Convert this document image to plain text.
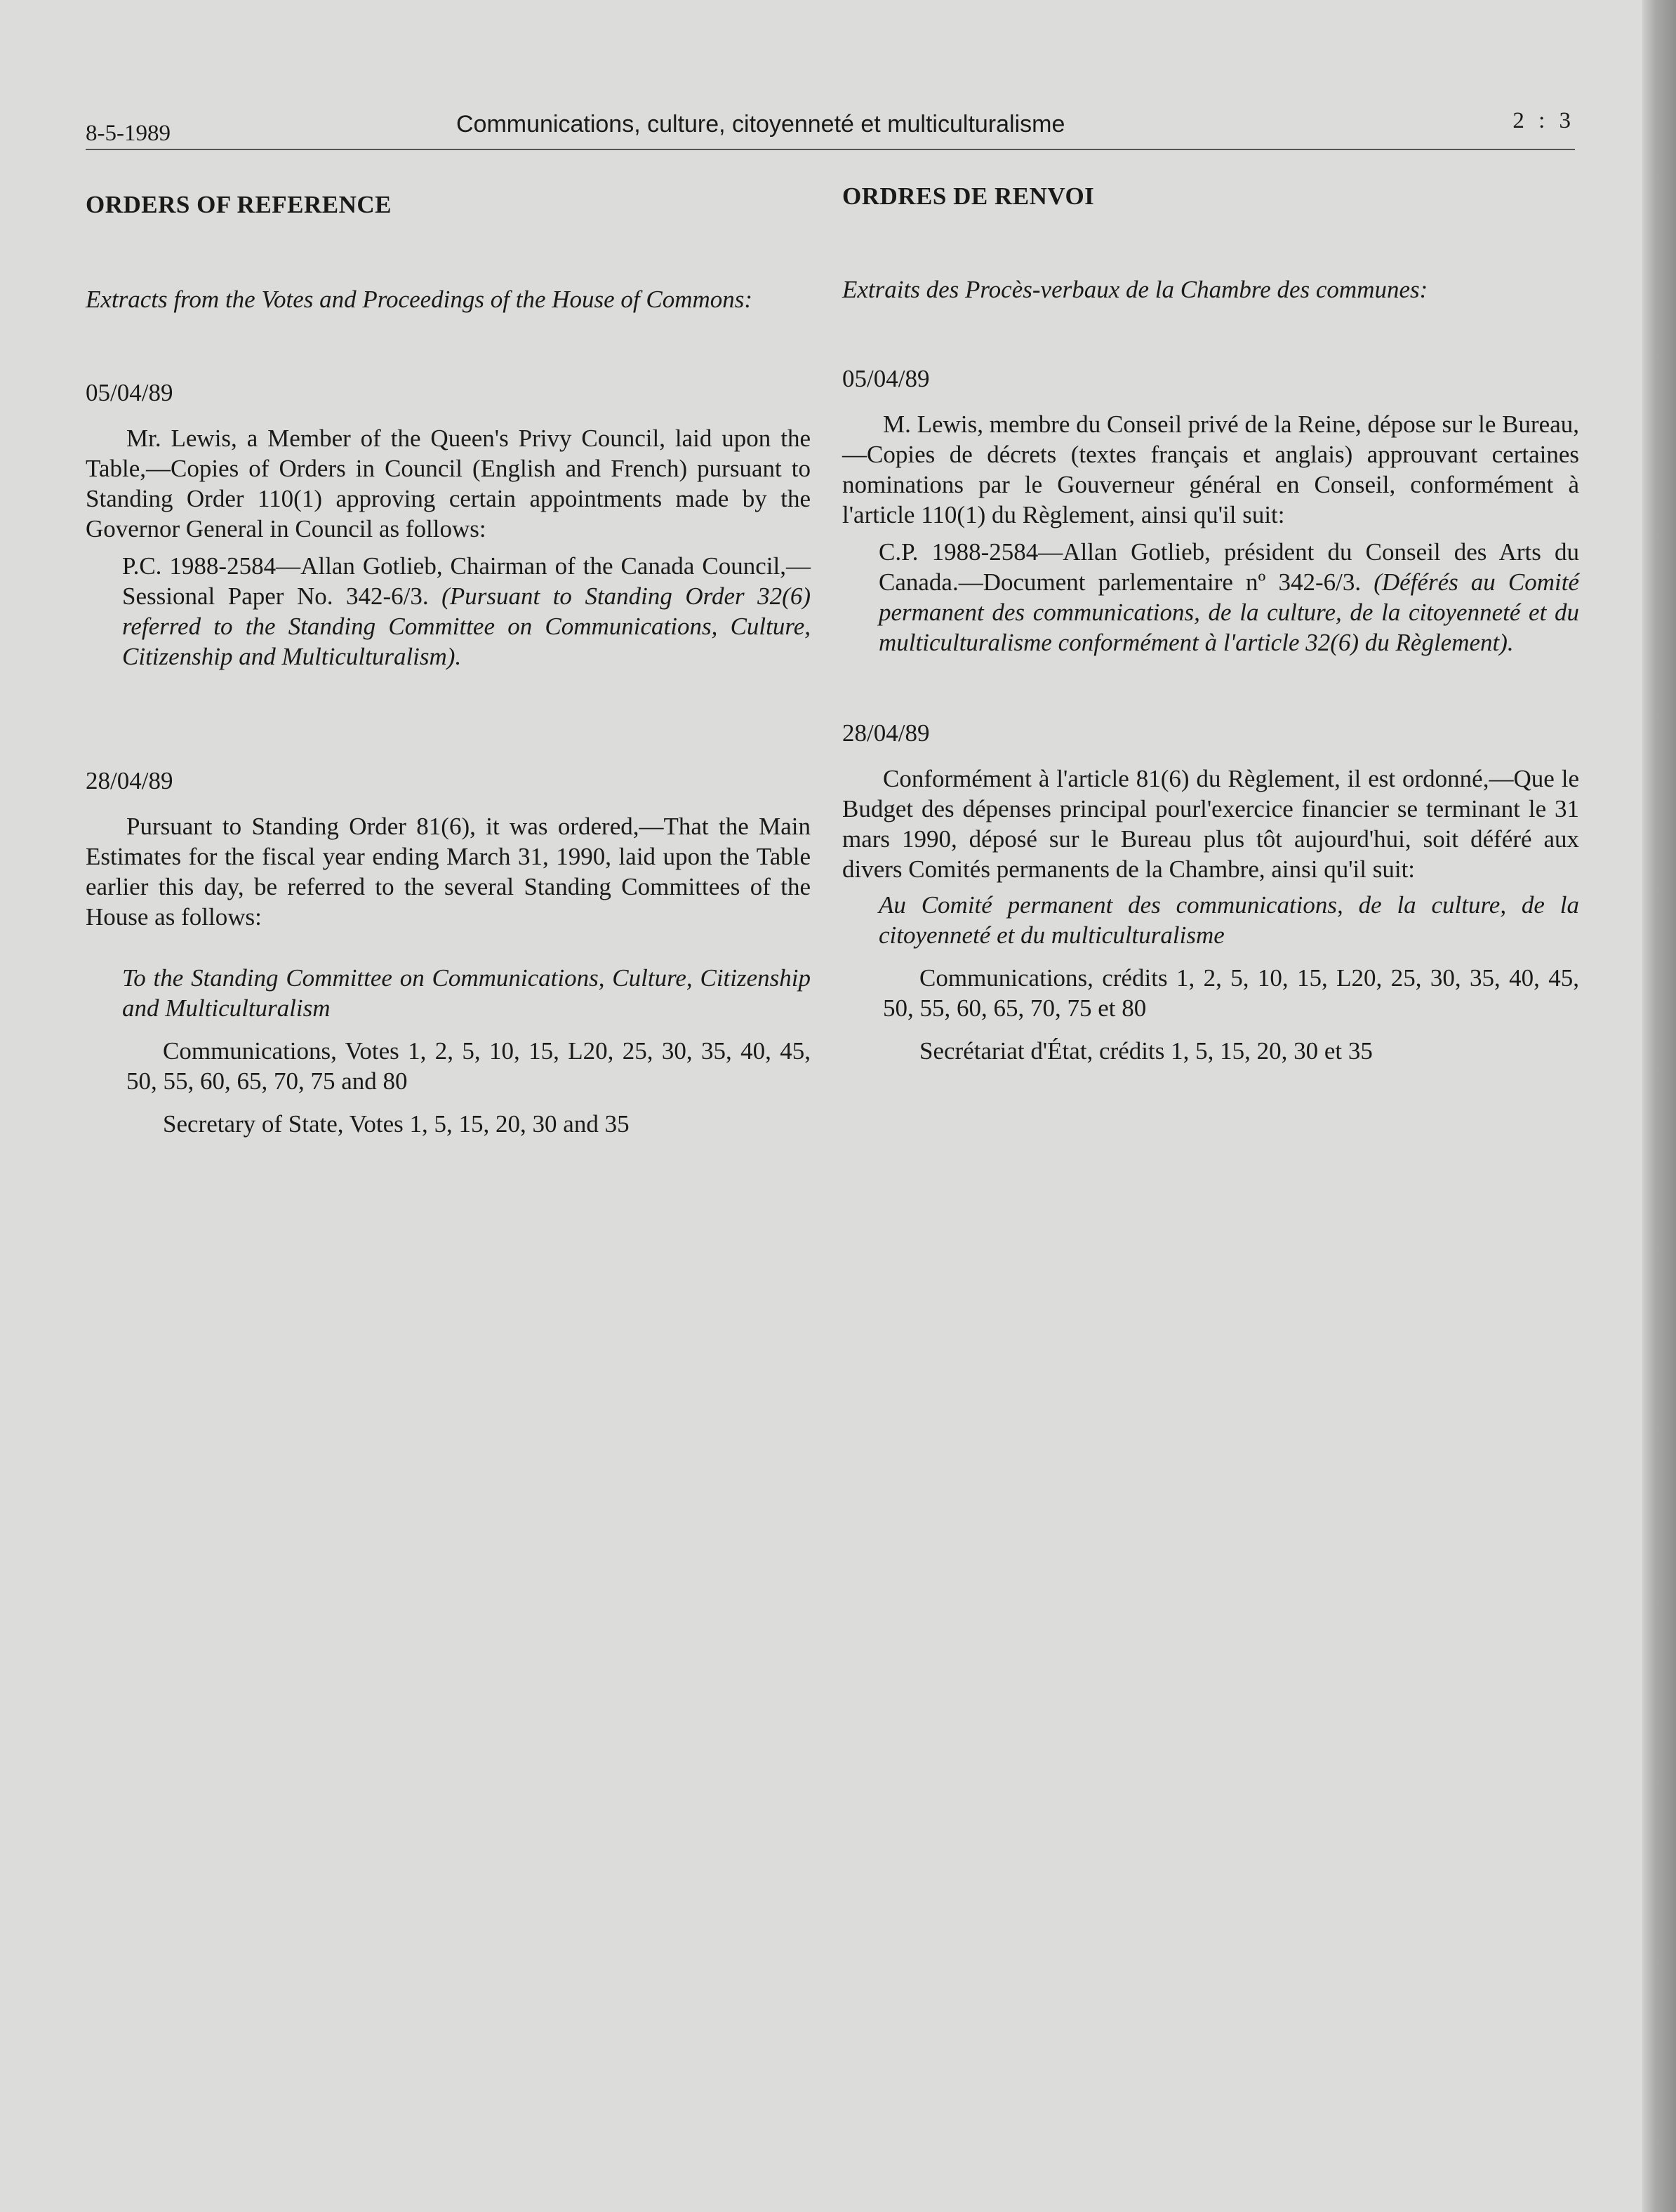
8-5-1989	Communications, culture, citoyenneté et multiculturalisme	2 : 3

ORDERS OF REFERENCE

Extracts from the Votes and Proceedings of the House of Commons:

05/04/89

Mr. Lewis, a Member of the Queen's Privy Council, laid upon the Table,—Copies of Orders in Council (English and French) pursuant to Standing Order 110(1) approving certain appointments made by the Governor General in Council as follows:

P.C. 1988-2584—Allan Gotlieb, Chairman of the Canada Council,—Sessional Paper No. 342-6/3. (Pursuant to Standing Order 32(6) referred to the Standing Committee on Communications, Culture, Citizenship and Multiculturalism).

28/04/89

Pursuant to Standing Order 81(6), it was ordered,—That the Main Estimates for the fiscal year ending March 31, 1990, laid upon the Table earlier this day, be referred to the several Standing Committees of the House as follows:

To the Standing Committee on Communications, Culture, Citizenship and Multiculturalism

Communications, Votes 1, 2, 5, 10, 15, L20, 25, 30, 35, 40, 45, 50, 55, 60, 65, 70, 75 and 80

Secretary of State, Votes 1, 5, 15, 20, 30 and 35

ORDRES DE RENVOI

Extraits des Procès-verbaux de la Chambre des communes:

05/04/89

M. Lewis, membre du Conseil privé de la Reine, dépose sur le Bureau,—Copies de décrets (textes français et anglais) approuvant certaines nominations par le Gouverneur général en Conseil, conformément à l'article 110(1) du Règlement, ainsi qu'il suit:

C.P. 1988-2584—Allan Gotlieb, président du Conseil des Arts du Canada.—Document parlementaire nº 342-6/3. (Déférés au Comité permanent des communications, de la culture, de la citoyenneté et du multiculturalisme conformément à l'article 32(6) du Règlement).

28/04/89

Conformément à l'article 81(6) du Règlement, il est ordonné,—Que le Budget des dépenses principal pourl'exercice financier se terminant le 31 mars 1990, déposé sur le Bureau plus tôt aujourd'hui, soit déféré aux divers Comités permanents de la Chambre, ainsi qu'il suit:

Au Comité permanent des communications, de la culture, de la citoyenneté et du multiculturalisme

Communications, crédits 1, 2, 5, 10, 15, L20, 25, 30, 35, 40, 45, 50, 55, 60, 65, 70, 75 et 80

Secrétariat d'État, crédits 1, 5, 15, 20, 30 et 35
